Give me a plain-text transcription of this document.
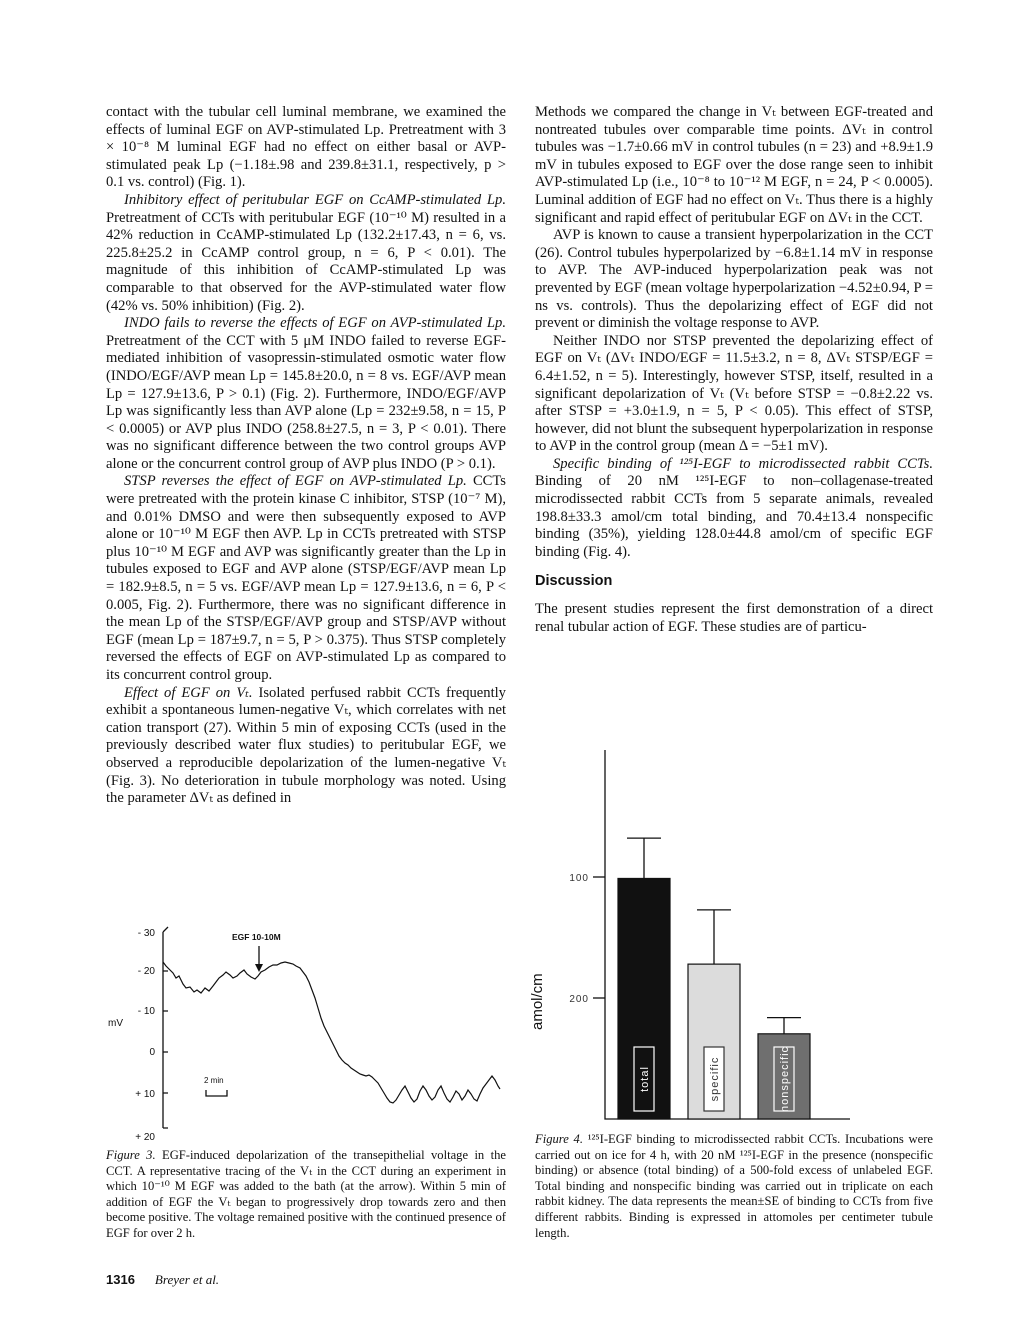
contact with the tubular cell luminal membrane, we examined the effects of luminal EGF on AVP-stimulated Lp. Pretreatment with 3 × 10⁻⁸ M luminal EGF had no effect on either basal or AVP-stimulated peak Lp (−1.18±.98 and 239.8±31.1, respectively, p > 0.1 vs. control) (Fig. 1).

Inhibitory effect of peritubular EGF on CcAMP-stimulated Lp. Pretreatment of CCTs with peritubular EGF (10⁻¹⁰ M) resulted in a 42% reduction in CcAMP-stimulated Lp (132.2±17.43, n = 6, vs. 225.8±25.2 in CcAMP control group, n = 6, P < 0.01). The magnitude of this inhibition of CcAMP-stimulated Lp was comparable to that observed for the AVP-stimulated water flow (42% vs. 50% inhibition) (Fig. 2).

INDO fails to reverse the effects of EGF on AVP-stimulated Lp. Pretreatment of the CCT with 5 μM INDO failed to reverse EGF-mediated inhibition of vasopressin-stimulated osmotic water flow (INDO/EGF/AVP mean Lp = 145.8±20.0, n = 8 vs. EGF/AVP mean Lp = 127.9±13.6, P > 0.1) (Fig. 2). Furthermore, INDO/EGF/AVP Lp was significantly less than AVP alone (Lp = 232±9.58, n = 15, P < 0.0005) or AVP plus INDO (258.8±27.5, n = 3, P < 0.01). There was no significant difference between the two control groups AVP alone or the concurrent control group of AVP plus INDO (P > 0.1).

STSP reverses the effect of EGF on AVP-stimulated Lp. CCTs were pretreated with the protein kinase C inhibitor, STSP (10⁻⁷ M), and 0.01% DMSO and were then subsequently exposed to AVP alone or 10⁻¹⁰ M EGF then AVP. Lp in CCTs pretreated with STSP plus 10⁻¹⁰ M EGF and AVP was significantly greater than the Lp in tubules exposed to EGF and AVP alone (STSP/EGF/AVP mean Lp = 182.9±8.5, n = 5 vs. EGF/AVP mean Lp = 127.9±13.6, n = 6, P < 0.005, Fig. 2). Furthermore, there was no significant difference in the mean Lp of the STSP/EGF/AVP group and STSP/AVP without EGF (mean Lp = 187±9.7, n = 5, P > 0.375). Thus STSP completely reversed the effects of EGF on AVP-stimulated Lp as compared to its concurrent control group.

Effect of EGF on Vₜ. Isolated perfused rabbit CCTs frequently exhibit a spontaneous lumen-negative Vₜ, which correlates with net cation transport (27). Within 5 min of exposing CCTs (used in the previously described water flux studies) to peritubular EGF, we observed a reproducible depolarization of the lumen-negative Vₜ (Fig. 3). No deterioration in tubule morphology was noted. Using the parameter ΔVₜ as defined in

Methods we compared the change in Vₜ between EGF-treated and nontreated tubules over comparable time points. ΔVₜ in control tubules was −1.7±0.66 mV in control tubules (n = 23) and +8.9±1.9 mV in tubules exposed to EGF over the dose range seen to inhibit AVP-stimulated Lp (i.e., 10⁻⁸ to 10⁻¹² M EGF, n = 24, P < 0.0005). Luminal addition of EGF had no effect on Vₜ. Thus there is a highly significant and rapid effect of peritubular EGF on ΔVₜ in the CCT.

AVP is known to cause a transient hyperpolarization in the CCT (26). Control tubules hyperpolarized by −6.8±1.14 mV in response to AVP. The AVP-induced hyperpolarization peak was not prevented by EGF (mean voltage hyperpolarization −4.52±0.94, P = ns vs. controls). Thus the depolarizing effect of EGF did not prevent or diminish the voltage response to AVP.

Neither INDO nor STSP prevented the depolarizing effect of EGF on Vₜ (ΔVₜ INDO/EGF = 11.5±3.2, n = 8, ΔVₜ STSP/EGF = 6.4±1.52, n = 5). Interestingly, however STSP, itself, resulted in a significant depolarization of Vₜ (Vₜ before STSP = −0.8±2.22 vs. after STSP = +3.0±1.9, n = 5, P < 0.05). This effect of STSP, however, did not blunt the subsequent hyperpolarization in response to AVP in the control group (mean Δ = −5±1 mV).

Specific binding of ¹²⁵I-EGF to microdissected rabbit CCTs. Binding of 20 nM ¹²⁵I-EGF to non–collagenase-treated microdissected rabbit CCTs from 5 separate animals, revealed 198.8±33.3 amol/cm total binding, and 70.4±13.4 nonspecific binding (35%), yielding 128.0±44.8 amol/cm of specific EGF binding (Fig. 4).

Discussion

The present studies represent the first demonstration of a direct renal tubular action of EGF. These studies are of particu-

- 30
- 20
- 10
0
+ 10
+ 20
mV
EGF 10-10M
2 min
Figure 3. EGF-induced depolarization of the transepithelial voltage in the CCT. A representative tracing of the Vₜ in the CCT during an experiment in which 10⁻¹⁰ M EGF was added to the bath (at the arrow). Within 5 min of addition of EGF the Vₜ began to progressively drop towards zero and then become positive. The voltage remained positive with the continued presence of EGF for over 2 h.
amol/cm 200
100
total	specific	nonspecific
Figure 4. ¹²⁵I-EGF binding to microdissected rabbit CCTs. Incubations were carried out on ice for 4 h, with 20 nM ¹²⁵I-EGF in the presence (nonspecific binding) or absence (total binding) of a 500-fold excess of unlabeled EGF. Total binding and nonspecific binding was carried out in triplicate on each rabbit kidney. The data represents the mean±SE of binding to CCTs from five different rabbits. Binding is expressed in attomoles per centimeter tubule length.
1316 Breyer et al.
